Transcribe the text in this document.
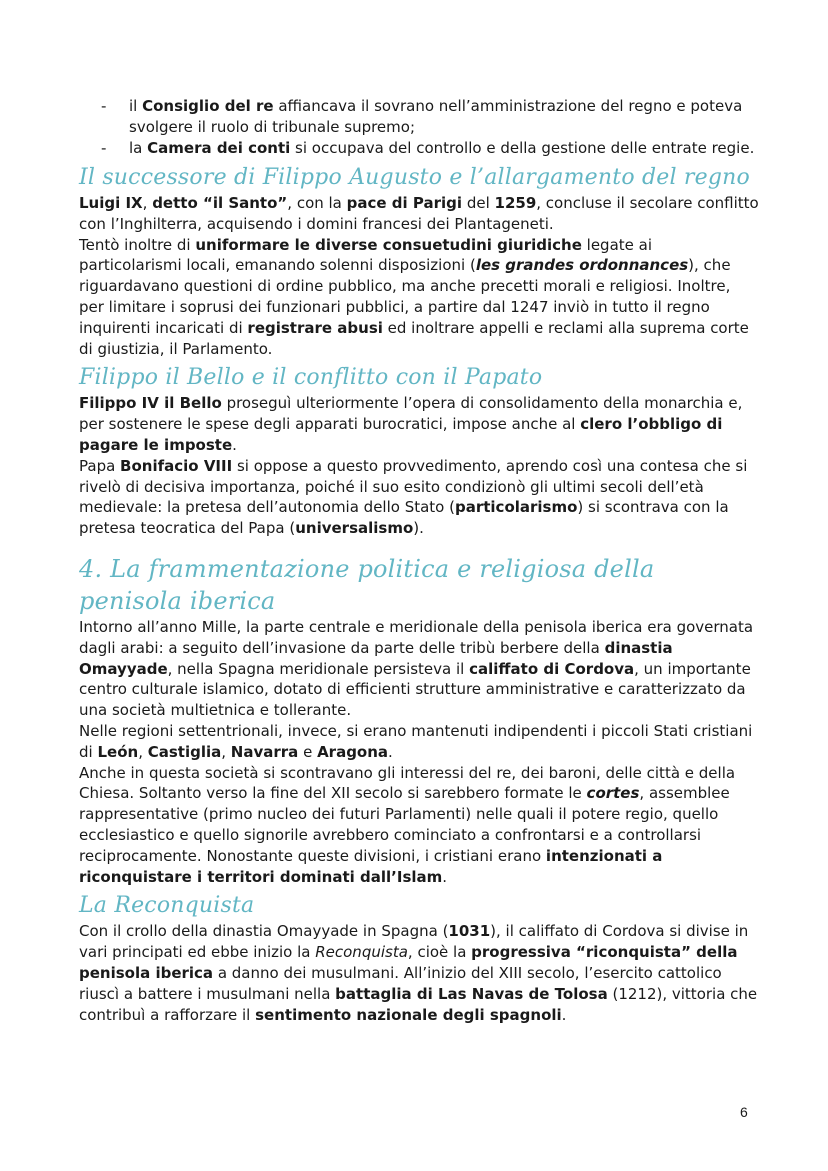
- il Consiglio del re affiancava il sovrano nell’amministrazione del regno e poteva svolgere il ruolo di tribunale supremo;
- la Camera dei conti si occupava del controllo e della gestione delle entrate regie.
Il successore di Filippo Augusto e l’allargamento del regno

Luigi IX, detto “il Santo”, con la pace di Parigi del 1259, concluse il secolare conflitto con l’Inghilterra, acquisendo i domini francesi dei Plantageneti.

Tentò inoltre di uniformare le diverse consuetudini giuridiche legate ai particolarismi locali, emanando solenni disposizioni (les grandes ordonnances), che riguardavano questioni di ordine pubblico, ma anche precetti morali e religiosi. Inoltre, per limitare i soprusi dei funzionari pubblici, a partire dal 1247 inviò in tutto il regno inquirenti incaricati di registrare abusi ed inoltrare appelli e reclami alla suprema corte di giustizia, il Parlamento.

Filippo il Bello e il conflitto con il Papato

Filippo IV il Bello proseguì ulteriormente l’opera di consolidamento della monarchia e, per sostenere le spese degli apparati burocratici, impose anche al clero l’obbligo di pagare le imposte.

Papa Bonifacio VIII si oppose a questo provvedimento, aprendo così una contesa che si rivelò di decisiva importanza, poiché il suo esito condizionò gli ultimi secoli dell’età medievale: la pretesa dell’autonomia dello Stato (particolarismo) si scontrava con la pretesa teocratica del Papa (universalismo).

4. La frammentazione politica e religiosa della penisola iberica

Intorno all’anno Mille, la parte centrale e meridionale della penisola iberica era governata dagli arabi: a seguito dell’invasione da parte delle tribù berbere della dinastia Omayyade, nella Spagna meridionale persisteva il califfato di Cordova, un importante centro culturale islamico, dotato di efficienti strutture amministrative e caratterizzato da una società multietnica e tollerante.

Nelle regioni settentrionali, invece, si erano mantenuti indipendenti i piccoli Stati cristiani di León, Castiglia, Navarra e Aragona.

Anche in questa società si scontravano gli interessi del re, dei baroni, delle città e della Chiesa. Soltanto verso la fine del XII secolo si sarebbero formate le cortes, assemblee rappresentative (primo nucleo dei futuri Parlamenti) nelle quali il potere regio, quello ecclesiastico e quello signorile avrebbero cominciato a confrontarsi e a controllarsi reciprocamente. Nonostante queste divisioni, i cristiani erano intenzionati a riconquistare i territori dominati dall’Islam.

La Reconquista

Con il crollo della dinastia Omayyade in Spagna (1031), il califfato di Cordova si divise in vari principati ed ebbe inizio la Reconquista, cioè la progressiva “riconquista” della penisola iberica a danno dei musulmani. All’inizio del XIII secolo, l’esercito cattolico riuscì a battere i musulmani nella battaglia di Las Navas de Tolosa (1212), vittoria che contribuì a rafforzare il sentimento nazionale degli spagnoli.

6
